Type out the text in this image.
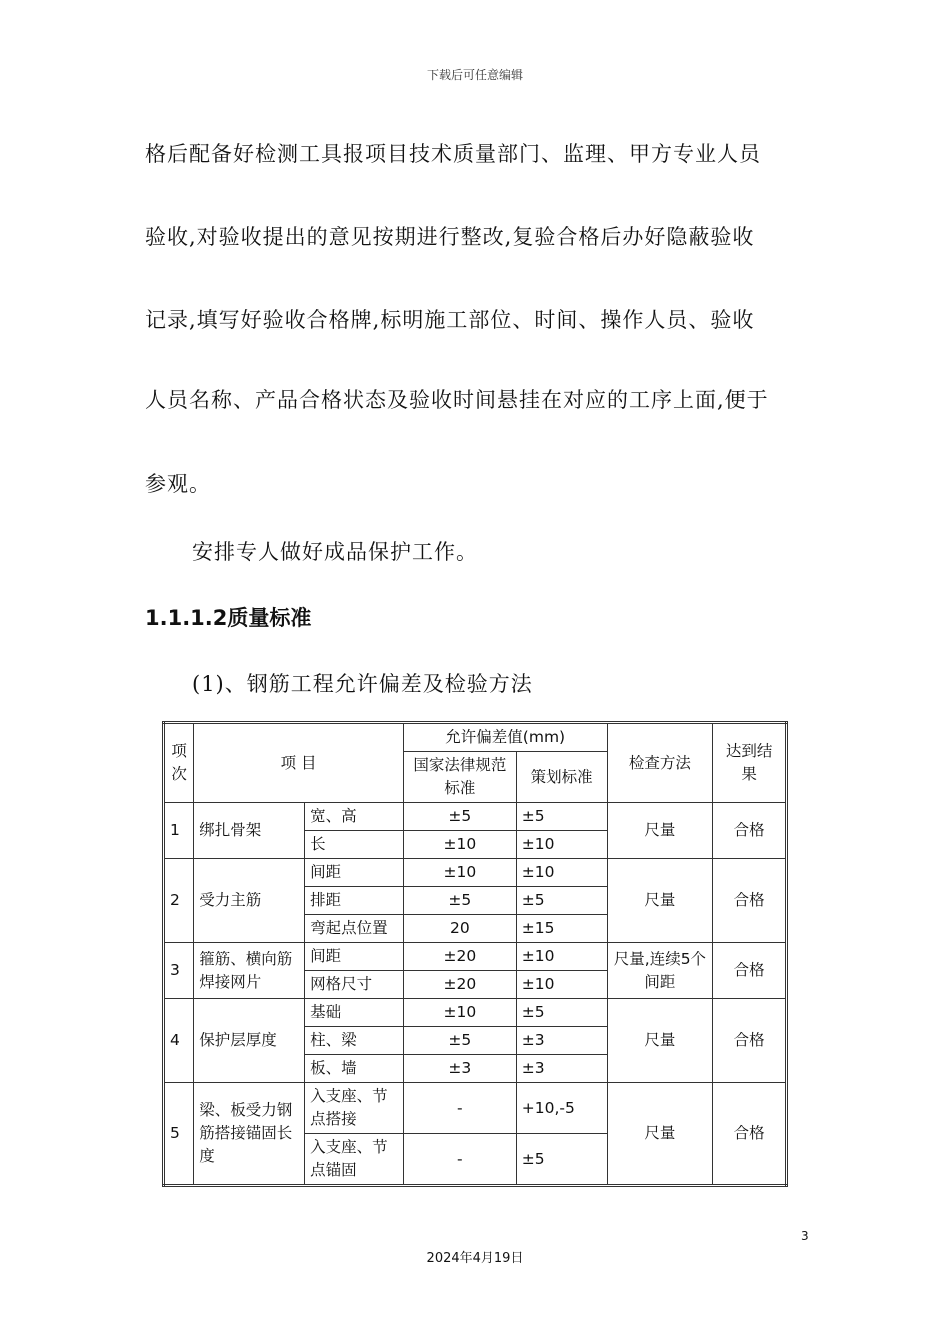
下载后可任意编辑
格后配备好检测工具报项目技术质量部门、监理、甲方专业人员
验收,对验收提出的意见按期进行整改,复验合格后办好隐蔽验收
记录,填写好验收合格牌,标明施工部位、时间、操作人员、验收
人员名称、产品合格状态及验收时间悬挂在对应的工序上面,便于
参观。
安排专人做好成品保护工作。
1.1.1.2质量标准
(1)、钢筋工程允许偏差及检验方法
项次	项 目		允许偏差值(mm)		检查方法	达到结果
			国家法律规范标准	策划标准		
1	绑扎骨架	宽、高	±5	±5	尺量	合格
		长	±10	±10		
2	受力主筋	间距	±10	±10	尺量	合格
		排距	±5	±5		
		弯起点位置	20	±15		
3	箍筋、横向筋焊接网片	间距	±20	±10	尺量,连续5个间距	合格
		网格尺寸	±20	±10		
4	保护层厚度	基础	±10	±5	尺量	合格
		柱、梁	±5	±3		
		板、墙	±3	±3		
5	梁、板受力钢筋搭接锚固长度	入支座、节点搭接	-	+10,-5	尺量	合格
		入支座、节点锚固	-	±5		
3
2024年4月19日
